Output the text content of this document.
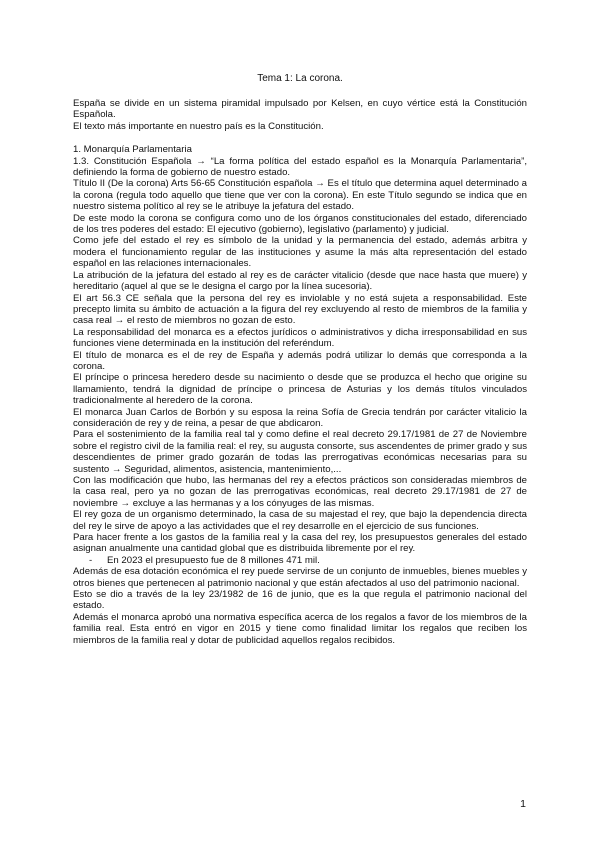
Tema 1: La corona.

España se divide en un sistema piramidal impulsado por Kelsen, en cuyo vértice está la Constitución Española.

El texto más importante en nuestro país es la Constitución.

1. Monarquía Parlamentaria

1.3. Constitución Española → “La forma política del estado español es la Monarquía Parlamentaria”, definiendo la forma de gobierno de nuestro estado.

Título II (De la corona) Arts 56-65 Constitución española → Es el título que determina aquel determinado a la corona (regula todo aquello que tiene que ver con la corona). En este Título segundo se indica que en nuestro sistema político al rey se le atribuye la jefatura del estado.

De este modo la corona se configura como uno de los órganos constitucionales del estado, diferenciado de los tres poderes del estado: El ejecutivo (gobierno), legislativo (parlamento) y judicial.

Como jefe del estado el rey es símbolo de la unidad y la permanencia del estado, además arbitra y modera el funcionamiento regular de las instituciones y asume la más alta representación del estado español en las relaciones internacionales.

La atribución de la jefatura del estado al rey es de carácter vitalicio (desde que nace hasta que muere) y hereditario (aquel al que se le designa el cargo por la línea sucesoria).

El art 56.3 CE señala que la persona del rey es inviolable y no está sujeta a responsabilidad. Este precepto limita su ámbito de actuación a la figura del rey excluyendo al resto de miembros de la familia y casa real → el resto de miembros no gozan de esto.

La responsabilidad del monarca es a efectos jurídicos o administrativos y dicha irresponsabilidad en sus funciones viene determinada en la institución del referéndum.

El título de monarca es el de rey de España y además podrá utilizar lo demás que corresponda a la corona.

El príncipe o princesa heredero desde su nacimiento o desde que se produzca el hecho que origine su llamamiento, tendrá la dignidad de príncipe o princesa de Asturias y los demás títulos vinculados tradicionalmente al heredero de la corona.

El monarca Juan Carlos de Borbón y su esposa la reina Sofía de Grecia tendrán por carácter vitalicio la consideración de rey y de reina, a pesar de que abdicaron.

Para el sostenimiento de la familia real tal y como define el real decreto 29.17/1981 de 27 de Noviembre sobre el registro civil de la familia real: el rey, su augusta consorte, sus ascendentes de primer grado y sus descendientes de primer grado gozarán de todas las prerrogativas económicas necesarias para su sustento → Seguridad, alimentos, asistencia, mantenimiento,...

Con las modificación que hubo, las hermanas del rey a efectos prácticos son consideradas miembros de la casa real, pero ya no gozan de las prerrogativas económicas, real decreto 29.17/1981 de 27 de noviembre → excluye a las hermanas y a los cónyuges de las mismas.

El rey goza de un organismo determinado, la casa de su majestad el rey, que bajo la dependencia directa del rey le sirve de apoyo a las actividades que el rey desarrolle en el ejercicio de sus funciones.

Para hacer frente a los gastos de la familia real y la casa del rey, los presupuestos generales del estado asignan anualmente una cantidad global que es distribuida libremente por el rey.

-	En 2023 el presupuesto fue de 8 millones 471 mil.

Además de esa dotación económica el rey puede servirse de un conjunto de inmuebles, bienes muebles y otros bienes que pertenecen al patrimonio nacional y que están afectados al uso del patrimonio nacional.

Esto se dio a través de la ley 23/1982 de 16 de junio, que es la que regula el patrimonio nacional del estado.

Además el monarca aprobó una normativa específica acerca de los regalos a favor de los miembros de la familia real. Esta entró en vigor en 2015 y tiene como finalidad limitar los regalos que reciben los miembros de la familia real y dotar de publicidad aquellos regalos recibidos.

1
